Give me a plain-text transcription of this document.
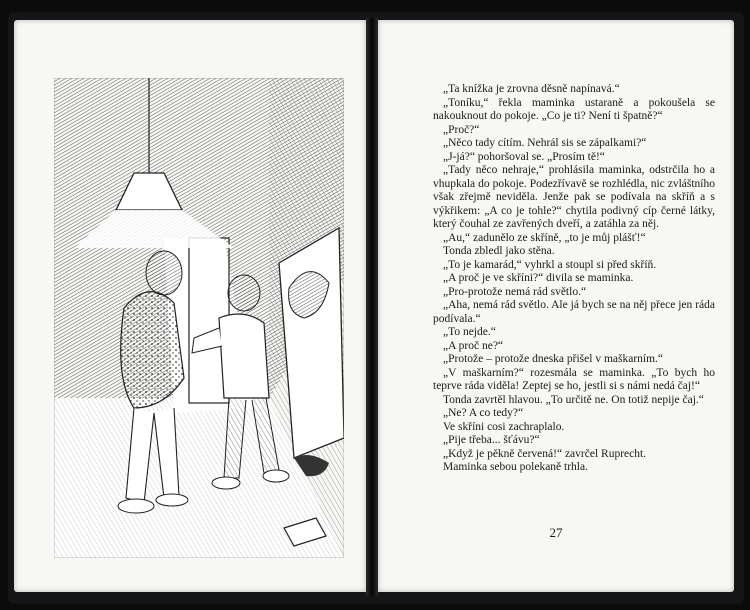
„Ta knížka je zrovna děsně napínavá.“

„Toníku,“ řekla maminka ustaraně a pokoušela se nakouknout do pokoje. „Co je ti? Není ti špatně?“

„Proč?“

„Něco tady cítím. Nehrál sis se zápalkami?“

„J-já?“ pohoršoval se. „Prosím tě!“

„Tady něco nehraje,“ prohlásila maminka, odstrčila ho a vhupkala do pokoje. Podezřívavě se rozhlédla, nic zvláštního však zřejmě neviděla. Jenže pak se podívala na skříň a s výkřikem: „A co je tohle?“ chytila podivný cíp černé látky, který čouhal ze zavřených dveří, a zatáhla za něj.

„Au,“ zadunělo ze skříně, „to je můj plášť!“

Tonda zbledl jako stěna.

„To je kamarád,“ vyhrkl a stoupl si před skříň.

„A proč je ve skříni?“ divila se maminka.

„Pro-protože nemá rád světlo.“

„Aha, nemá rád světlo. Ale já bych se na něj přece jen ráda podívala.“

„To nejde.“

„A proč ne?“

„Protože – protože dneska přišel v maškarním.“

„V maškarním?“ rozesmála se maminka. „To bych ho teprve ráda viděla! Zeptej se ho, jestli si s námi nedá čaj!“

Tonda zavrtěl hlavou. „To určitě ne. On totiž nepije čaj.“

„Ne? A co tedy?“

Ve skříni cosi zachraplalo.

„Pije třeba... šťávu?“

„Když je pěkně červená!“ zavrčel Ruprecht.

Maminka sebou polekaně trhla.

27
